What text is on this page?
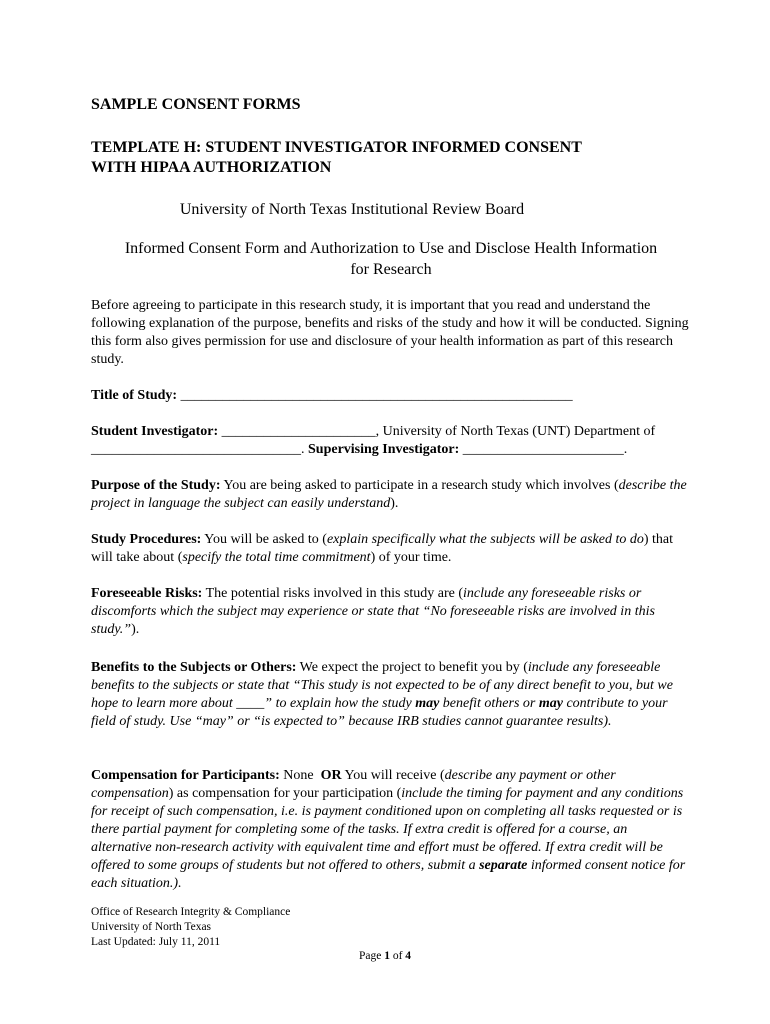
SAMPLE CONSENT FORMS
TEMPLATE H: STUDENT INVESTIGATOR INFORMED CONSENT
WITH HIPAA AUTHORIZATION
University of North Texas Institutional Review Board
Informed Consent Form and Authorization to Use and Disclose Health Information
for Research
Before agreeing to participate in this research study, it is important that you read and understand the following explanation of the purpose, benefits and risks of the study and how it will be conducted. Signing this form also gives permission for use and disclosure of your health information as part of this research study.
Title of Study: ________________________________________________________
Student Investigator: ______________________, University of North Texas (UNT) Department of ______________________________. Supervising Investigator: _______________________.
Purpose of the Study: You are being asked to participate in a research study which involves (describe the project in language the subject can easily understand).
Study Procedures: You will be asked to (explain specifically what the subjects will be asked to do) that will take about (specify the total time commitment) of your time.
Foreseeable Risks: The potential risks involved in this study are (include any foreseeable risks or discomforts which the subject may experience or state that “No foreseeable risks are involved in this study.”).
Benefits to the Subjects or Others: We expect the project to benefit you by (include any foreseeable benefits to the subjects or state that “This study is not expected to be of any direct benefit to you, but we hope to learn more about ____” to explain how the study may benefit others or may contribute to your field of study. Use “may” or “is expected to” because IRB studies cannot guarantee results).
Compensation for Participants: None  OR You will receive (describe any payment or other compensation) as compensation for your participation (include the timing for payment and any conditions for receipt of such compensation, i.e. is payment conditioned upon on completing all tasks requested or is there partial payment for completing some of the tasks. If extra credit is offered for a course, an alternative non-research activity with equivalent time and effort must be offered. If extra credit will be offered to some groups of students but not offered to others, submit a separate informed consent notice for each situation.).
Office of Research Integrity & Compliance
University of North Texas
Last Updated: July 11, 2011
Page 1 of 4
